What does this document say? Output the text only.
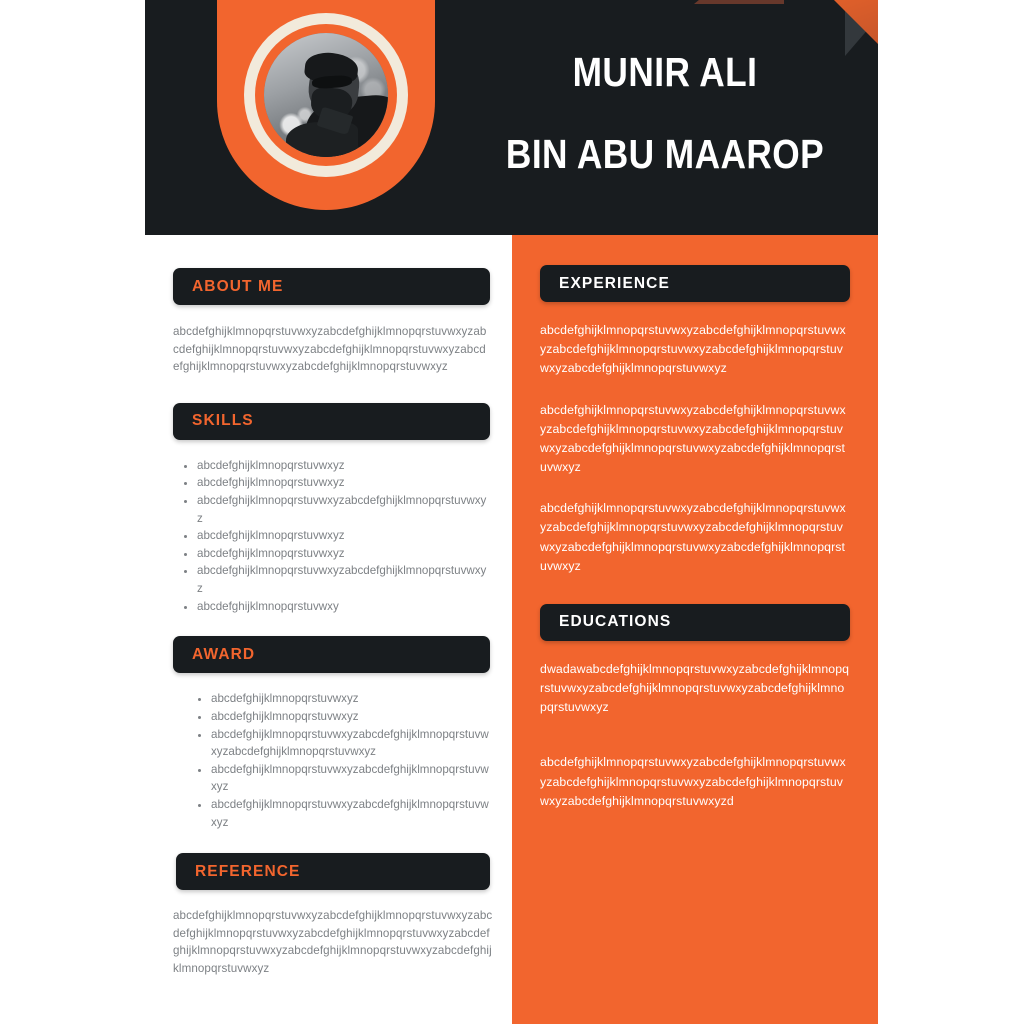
MUNIR ALI
BIN ABU MAAROP
ABOUT ME
abcdefghijklmnopqrstuvwxyzabcdefghijklmnopqrstuvwxyzabcdefghijklmnopqrstuvwxyzabcdefghijklmnopqrstuvwxyzabcdefghijklmnopqrstuvwxyzabcdefghijklmnopqrstuvwxyz
SKILLS
• abcdefghijklmnopqrstuvwxyz
• abcdefghijklmnopqrstuvwxyz
• abcdefghijklmnopqrstuvwxyzabcdefghijklmnopqrstuvwxyz
• abcdefghijklmnopqrstuvwxyz
• abcdefghijklmnopqrstuvwxyz
• abcdefghijklmnopqrstuvwxyzabcdefghijklmnopqrstuvwxyz
• abcdefghijklmnopqrstuvwxy
AWARD
• abcdefghijklmnopqrstuvwxyz
• abcdefghijklmnopqrstuvwxyz
• abcdefghijklmnopqrstuvwxyzabcdefghijklmnopqrstuvwxyzabcdefghijklmnopqrstuvwxyz
• abcdefghijklmnopqrstuvwxyzabcdefghijklmnopqrstuvwxyz
• abcdefghijklmnopqrstuvwxyzabcdefghijklmnopqrstuvwxyz
REFERENCE
abcdefghijklmnopqrstuvwxyzabcdefghijklmnopqrstuvwxyzabcdefghijklmnopqrstuvwxyzabcdefghijklmnopqrstuvwxyzabcdefghijklmnopqrstuvwxyzabcdefghijklmnopqrstuvwxyzabcdefghijklmnopqrstuvwxyz
EXPERIENCE
abcdefghijklmnopqrstuvwxyzabcdefghijklmnopqrstuvwxyzabcdefghijklmnopqrstuvwxyzabcdefghijklmnopqrstuvwxyzabcdefghijklmnopqrstuvwxyz
abcdefghijklmnopqrstuvwxyzabcdefghijklmnopqrstuvwxyzabcdefghijklmnopqrstuvwxyzabcdefghijklmnopqrstuvwxyzabcdefghijklmnopqrstuvwxyzabcdefghijklmnopqrstuvwxyz
abcdefghijklmnopqrstuvwxyzabcdefghijklmnopqrstuvwxyzabcdefghijklmnopqrstuvwxyzabcdefghijklmnopqrstuvwxyzabcdefghijklmnopqrstuvwxyzabcdefghijklmnopqrstuvwxyz
EDUCATIONS
dwadawabcdefghijklmnopqrstuvwxyzabcdefghijklmnopqrstuvwxyzabcdefghijklmnopqrstuvwxyzabcdefghijklmnopqrstuvwxyz
abcdefghijklmnopqrstuvwxyzabcdefghijklmnopqrstuvwxyzabcdefghijklmnopqrstuvwxyzabcdefghijklmnopqrstuvwxyzabcdefghijklmnopqrstuvwxyzd
